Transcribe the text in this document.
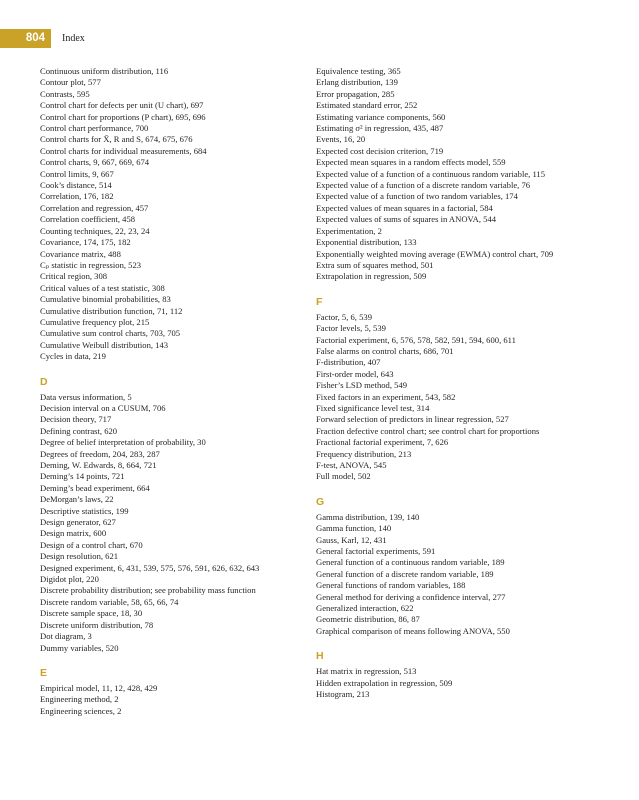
804	Index
Continuous uniform distribution, 116
Contour plot, 577
Contrasts, 595
Control chart for defects per unit (U chart), 697
Control chart for proportions (P chart), 695, 696
Control chart performance, 700
Control charts for X̄, R and S, 674, 675, 676
Control charts for individual measurements, 684
Control charts, 9, 667, 669, 674
Control limits, 9, 667
Cook’s distance, 514
Correlation, 176, 182
Correlation and regression, 457
Correlation coefficient, 458
Counting techniques, 22, 23, 24
Covariance, 174, 175, 182
Covariance matrix, 488
Cₚ statistic in regression, 523
Critical region, 308
Critical values of a test statistic, 308
Cumulative binomial probabilities, 83
Cumulative distribution function, 71, 112
Cumulative frequency plot, 215
Cumulative sum control charts, 703, 705
Cumulative Weibull distribution, 143
Cycles in data, 219
D
Data versus information, 5
Decision interval on a CUSUM, 706
Decision theory, 717
Defining contrast, 620
Degree of belief interpretation of probability, 30
Degrees of freedom, 204, 283, 287
Deming, W. Edwards, 8, 664, 721
Deming’s 14 points, 721
Deming’s bead experiment, 664
DeMorgan’s laws, 22
Descriptive statistics, 199
Design generator, 627
Design matrix, 600
Design of a control chart, 670
Design resolution, 621
Designed experiment, 6, 431, 539, 575, 576, 591, 626, 632, 643
Digidot plot, 220
Discrete probability distribution; see probability mass function
Discrete random variable, 58, 65, 66, 74
Discrete sample space, 18, 30
Discrete uniform distribution, 78
Dot diagram, 3
Dummy variables, 520
E
Empirical model, 11, 12, 428, 429
Engineering method, 2
Engineering sciences, 2
Equivalence testing, 365
Erlang distribution, 139
Error propagation, 285
Estimated standard error, 252
Estimating variance components, 560
Estimating σ² in regression, 435, 487
Events, 16, 20
Expected cost decision criterion, 719
Expected mean squares in a random effects model, 559
Expected value of a function of a continuous random variable, 115
Expected value of a function of a discrete random variable, 76
Expected value of a function of two random variables, 174
Expected values of mean squares in a factorial, 584
Expected values of sums of squares in ANOVA, 544
Experimentation, 2
Exponential distribution, 133
Exponentially weighted moving average (EWMA) control chart, 709
Extra sum of squares method, 501
Extrapolation in regression, 509
F
Factor, 5, 6, 539
Factor levels, 5, 539
Factorial experiment, 6, 576, 578, 582, 591, 594, 600, 611
False alarms on control charts, 686, 701
F-distribution, 407
First-order model, 643
Fisher’s LSD method, 549
Fixed factors in an experiment, 543, 582
Fixed significance level test, 314
Forward selection of predictors in linear regression, 527
Fraction defective control chart; see control chart for proportions
Fractional factorial experiment, 7, 626
Frequency distribution, 213
F-test, ANOVA, 545
Full model, 502
G
Gamma distribution, 139, 140
Gamma function, 140
Gauss, Karl, 12, 431
General factorial experiments, 591
General function of a continuous random variable, 189
General function of a discrete random variable, 189
General functions of random variables, 188
General method for deriving a confidence interval, 277
Generalized interaction, 622
Geometric distribution, 86, 87
Graphical comparison of means following ANOVA, 550
H
Hat matrix in regression, 513
Hidden extrapolation in regression, 509
Histogram, 213
